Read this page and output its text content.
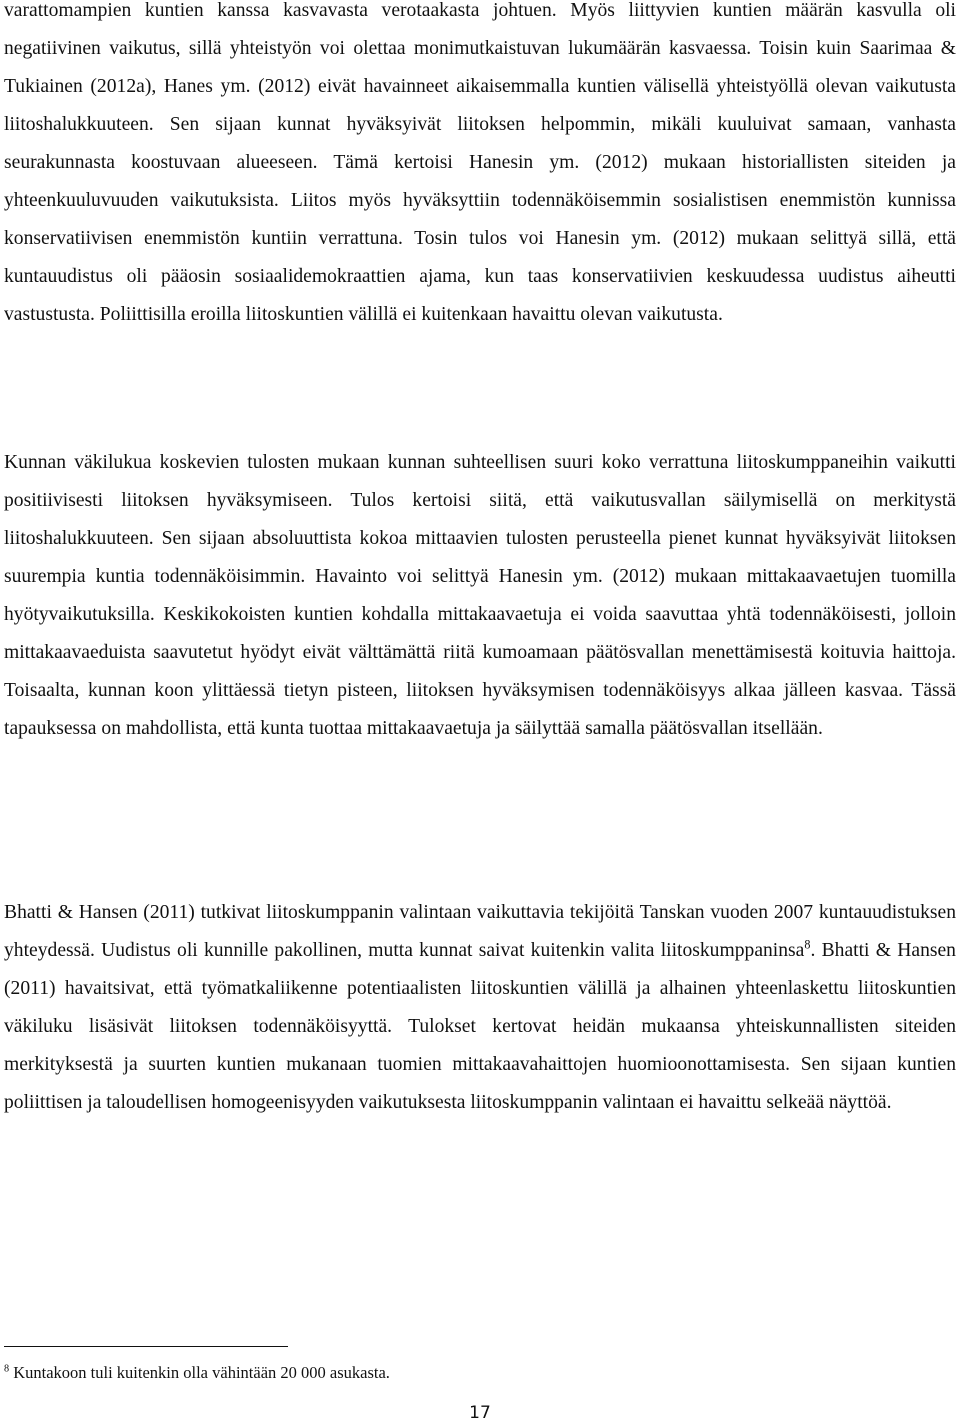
varattomampien kuntien kanssa kasvavasta verotaakasta johtuen. Myös liittyvien kuntien määrän kasvulla oli negatiivinen vaikutus, sillä yhteistyön voi olettaa monimutkaistuvan lukumäärän kasvaessa. Toisin kuin Saarimaa & Tukiainen (2012a), Hanes ym. (2012) eivät havainneet aikaisemmalla kuntien välisellä yhteistyöllä olevan vaikutusta liitoshalukkuuteen. Sen sijaan kunnat hyväksyivät liitoksen helpommin, mikäli kuuluivat samaan, vanhasta seurakunnasta koostuvaan alueeseen. Tämä kertoisi Hanesin ym. (2012) mukaan historiallisten siteiden ja yhteenkuuluvuuden vaikutuksista. Liitos myös hyväksyttiin todennäköisemmin sosialistisen enemmistön kunnissa konservatiivisen enemmistön kuntiin verrattuna. Tosin tulos voi Hanesin ym. (2012) mukaan selittyä sillä, että kuntauudistus oli pääosin sosiaalidemokraattien ajama, kun taas konservatiivien keskuudessa uudistus aiheutti vastustusta. Poliittisilla eroilla liitoskuntien välillä ei kuitenkaan havaittu olevan vaikutusta.

Kunnan väkilukua koskevien tulosten mukaan kunnan suhteellisen suuri koko verrattuna liitoskumppaneihin vaikutti positiivisesti liitoksen hyväksymiseen. Tulos kertoisi siitä, että vaikutusvallan säilymisellä on merkitystä liitoshalukkuuteen. Sen sijaan absoluuttista kokoa mittaavien tulosten perusteella pienet kunnat hyväksyivät liitoksen suurempia kuntia todennäköisimmin. Havainto voi selittyä Hanesin ym. (2012) mukaan mittakaavaetujen tuomilla hyötyvaikutuksilla. Keskikokoisten kuntien kohdalla mittakaavaetuja ei voida saavuttaa yhtä todennäköisesti, jolloin mittakaavaeduista saavutetut hyödyt eivät välttämättä riitä kumoamaan päätösvallan menettämisestä koituvia haittoja. Toisaalta, kunnan koon ylittäessä tietyn pisteen, liitoksen hyväksymisen todennäköisyys alkaa jälleen kasvaa. Tässä tapauksessa on mahdollista, että kunta tuottaa mittakaavaetuja ja säilyttää samalla päätösvallan itsellään.

Bhatti & Hansen (2011) tutkivat liitoskumppanin valintaan vaikuttavia tekijöitä Tanskan vuoden 2007 kuntauudistuksen yhteydessä. Uudistus oli kunnille pakollinen, mutta kunnat saivat kuitenkin valita liitoskumppaninsa$^8$. Bhatti & Hansen (2011) havaitsivat, että työmatkaliikenne potentiaalisten liitoskuntien välillä ja alhainen yhteenlaskettu liitoskuntien väkiluku lisäsivät liitoksen todennäköisyyttä. Tulokset kertovat heidän mukaansa yhteiskunnallisten siteiden merkityksestä ja suurten kuntien mukanaan tuomien mittakaavahaittojen huomioonottamisesta. Sen sijaan kuntien poliittisen ja taloudellisen homogeenisyyden vaikutuksesta liitoskumppanin valintaan ei havaittu selkeää näyttöä.

$^8$ Kuntakoon tuli kuitenkin olla vähintään 20 000 asukasta.

17
